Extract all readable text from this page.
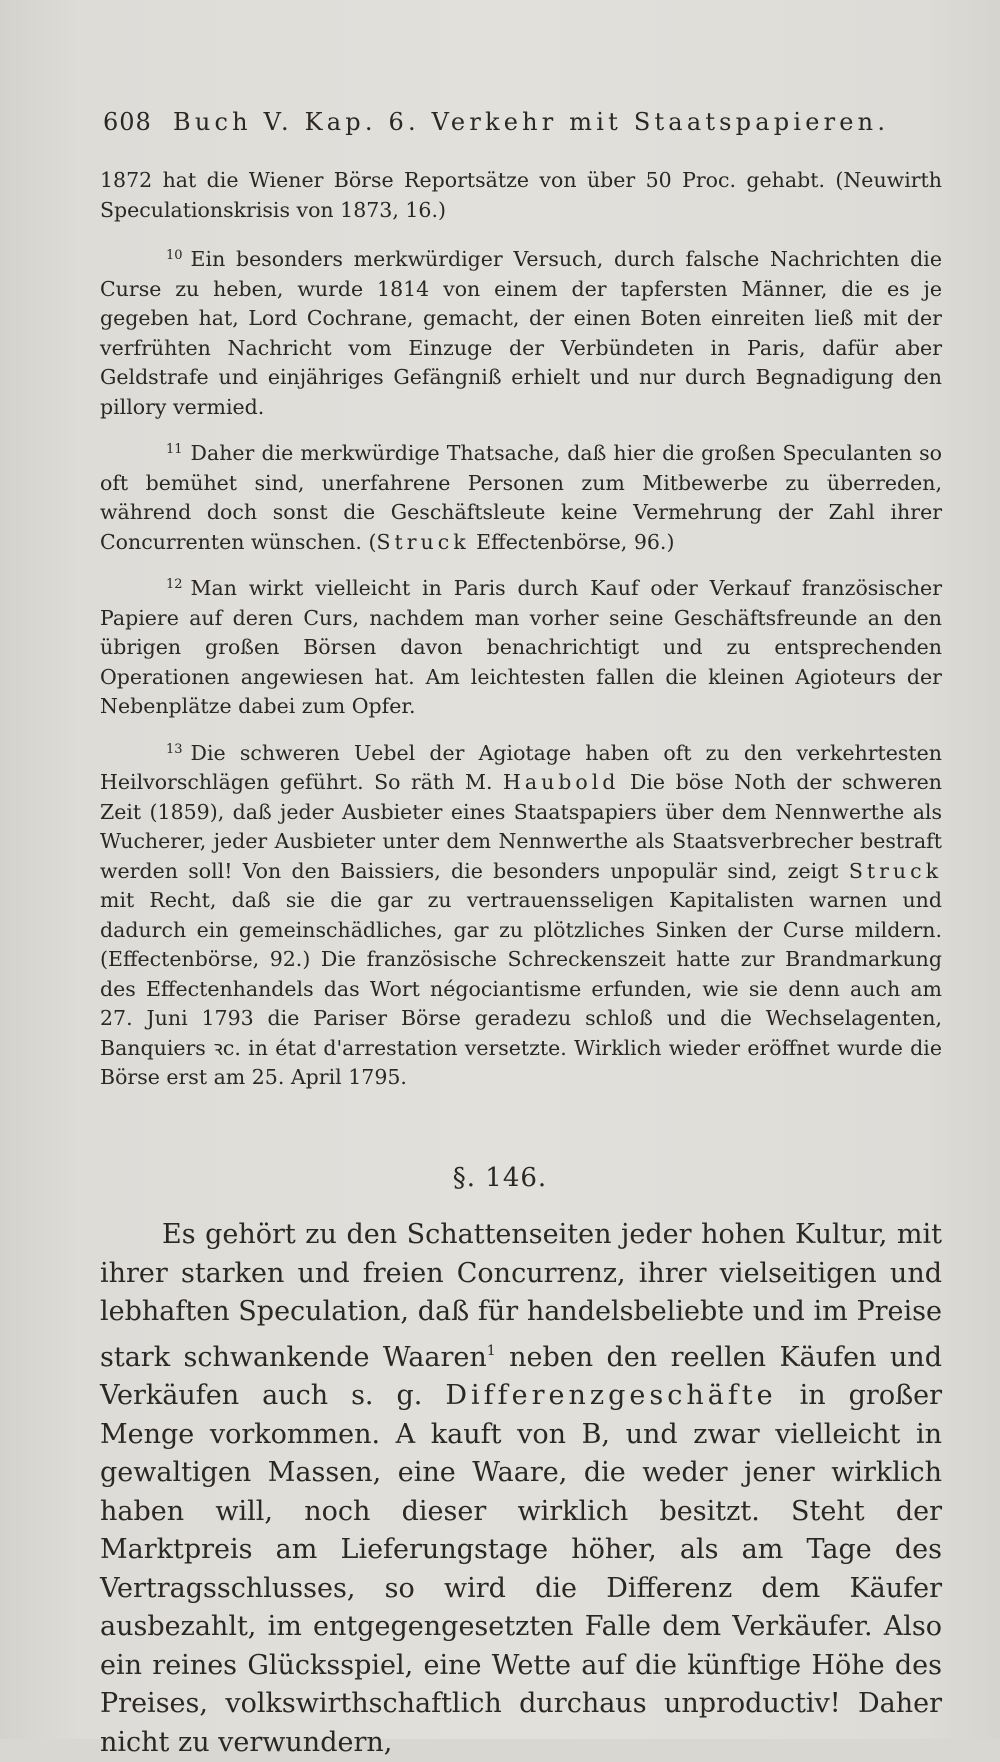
608 Buch V. Kap. 6. Verkehr mit Staatspapieren.

1872 hat die Wiener Börse Reportsätze von über 50 Proc. gehabt. (Neuwirth Speculationskrisis von 1873, 16.)

10 Ein besonders merkwürdiger Versuch, durch falsche Nachrichten die Curse zu heben, wurde 1814 von einem der tapfersten Männer, die es je gegeben hat, Lord Cochrane, gemacht, der einen Boten einreiten ließ mit der verfrühten Nachricht vom Einzuge der Verbündeten in Paris, dafür aber Geldstrafe und einjähriges Gefängniß erhielt und nur durch Begnadigung den pillory vermied.

11 Daher die merkwürdige Thatsache, daß hier die großen Speculanten so oft bemühet sind, unerfahrene Personen zum Mitbewerbe zu überreden, während doch sonst die Geschäftsleute keine Vermehrung der Zahl ihrer Concurrenten wünschen. (Struck Effectenbörse, 96.)

12 Man wirkt vielleicht in Paris durch Kauf oder Verkauf französischer Papiere auf deren Curs, nachdem man vorher seine Geschäftsfreunde an den übrigen großen Börsen davon benachrichtigt und zu entsprechenden Operationen angewiesen hat. Am leichtesten fallen die kleinen Agioteurs der Nebenplätze dabei zum Opfer.

13 Die schweren Uebel der Agiotage haben oft zu den verkehrtesten Heilvorschlägen geführt. So räth M. Haubold Die böse Noth der schweren Zeit (1859), daß jeder Ausbieter eines Staatspapiers über dem Nennwerthe als Wucherer, jeder Ausbieter unter dem Nennwerthe als Staatsverbrecher bestraft werden soll! Von den Baissiers, die besonders unpopulär sind, zeigt Struck mit Recht, daß sie die gar zu vertrauensseligen Kapitalisten warnen und dadurch ein gemeinschädliches, gar zu plötzliches Sinken der Curse mildern. (Effectenbörse, 92.) Die französische Schreckenszeit hatte zur Brandmarkung des Effectenhandels das Wort négociantisme erfunden, wie sie denn auch am 27. Juni 1793 die Pariser Börse geradezu schloß und die Wechselagenten, Banquiers ꝛc. in état d'arrestation versetzte. Wirklich wieder eröffnet wurde die Börse erst am 25. April 1795.

§. 146.

Es gehört zu den Schattenseiten jeder hohen Kultur, mit ihrer starken und freien Concurrenz, ihrer vielseitigen und lebhaften Speculation, daß für handelsbeliebte und im Preise stark schwankende Waaren$^1$ neben den reellen Käufen und Verkäufen auch s. g. Differenzgeschäfte in großer Menge vorkommen. A kauft von B, und zwar vielleicht in gewaltigen Massen, eine Waare, die weder jener wirklich haben will, noch dieser wirklich besitzt. Steht der Marktpreis am Lieferungstage höher, als am Tage des Vertragsschlusses, so wird die Differenz dem Käufer ausbezahlt, im entgegengesetzten Falle dem Verkäufer. Also ein reines Glücksspiel, eine Wette auf die künftige Höhe des Preises, volkswirthschaftlich durchaus unproductiv! Daher nicht zu verwundern,
